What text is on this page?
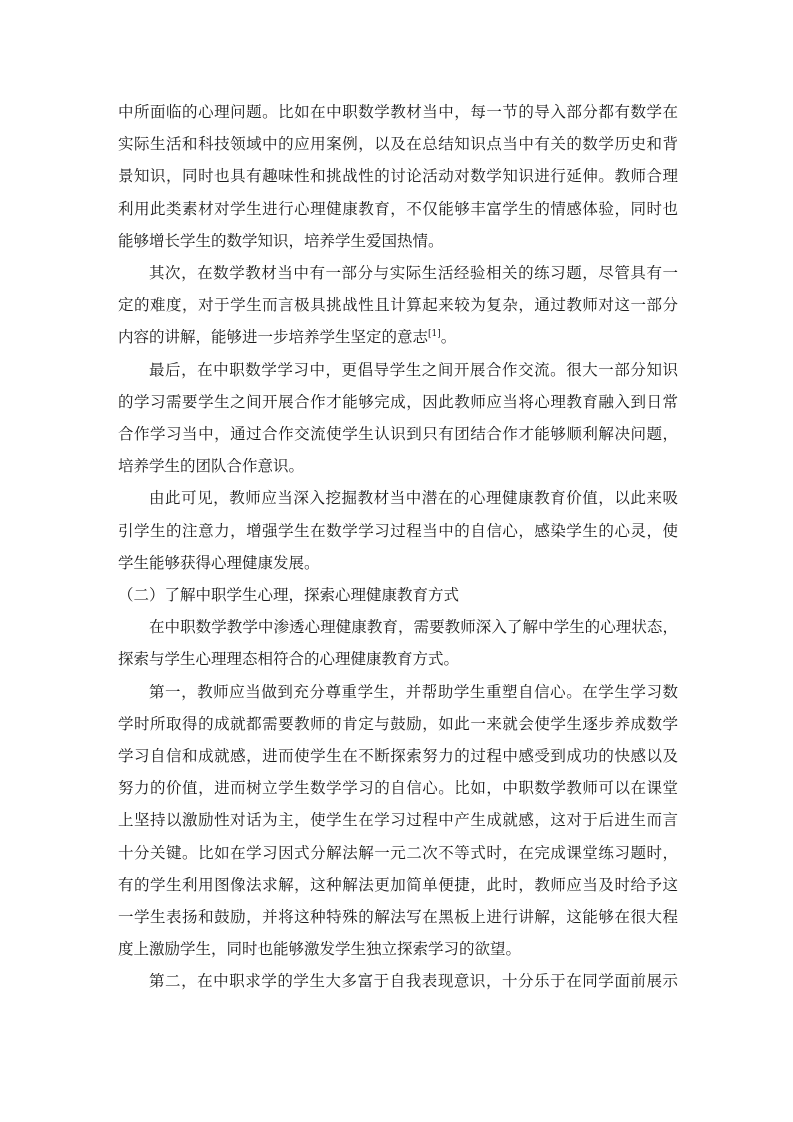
中所面临的心理问题。比如在中职数学教材当中，每一节的导入部分都有数学在
实际生活和科技领域中的应用案例，以及在总结知识点当中有关的数学历史和背
景知识，同时也具有趣味性和挑战性的讨论活动对数学知识进行延伸。教师合理
利用此类素材对学生进行心理健康教育，不仅能够丰富学生的情感体验，同时也
能够增长学生的数学知识，培养学生爱国热情。

其次，在数学教材当中有一部分与实际生活经验相关的练习题，尽管具有一
定的难度，对于学生而言极具挑战性且计算起来较为复杂，通过教师对这一部分
内容的讲解，能够进一步培养学生坚定的意志[1]。

最后，在中职数学学习中，更倡导学生之间开展合作交流。很大一部分知识
的学习需要学生之间开展合作才能够完成，因此教师应当将心理教育融入到日常
合作学习当中，通过合作交流使学生认识到只有团结合作才能够顺利解决问题，
培养学生的团队合作意识。

由此可见，教师应当深入挖掘教材当中潜在的心理健康教育价值，以此来吸
引学生的注意力，增强学生在数学学习过程当中的自信心，感染学生的心灵，使
学生能够获得心理健康发展。

（二）了解中职学生心理，探索心理健康教育方式

在中职数学教学中渗透心理健康教育，需要教师深入了解中学生的心理状态，
探索与学生心理理态相符合的心理健康教育方式。

第一，教师应当做到充分尊重学生，并帮助学生重塑自信心。在学生学习数
学时所取得的成就都需要教师的肯定与鼓励，如此一来就会使学生逐步养成数学
学习自信和成就感，进而使学生在不断探索努力的过程中感受到成功的快感以及
努力的价值，进而树立学生数学学习的自信心。比如，中职数学教师可以在课堂
上坚持以激励性对话为主，使学生在学习过程中产生成就感，这对于后进生而言
十分关键。比如在学习因式分解法解一元二次不等式时，在完成课堂练习题时，
有的学生利用图像法求解，这种解法更加简单便捷，此时，教师应当及时给予这
一学生表扬和鼓励，并将这种特殊的解法写在黑板上进行讲解，这能够在很大程
度上激励学生，同时也能够激发学生独立探索学习的欲望。

第二，在中职求学的学生大多富于自我表现意识，十分乐于在同学面前展示
